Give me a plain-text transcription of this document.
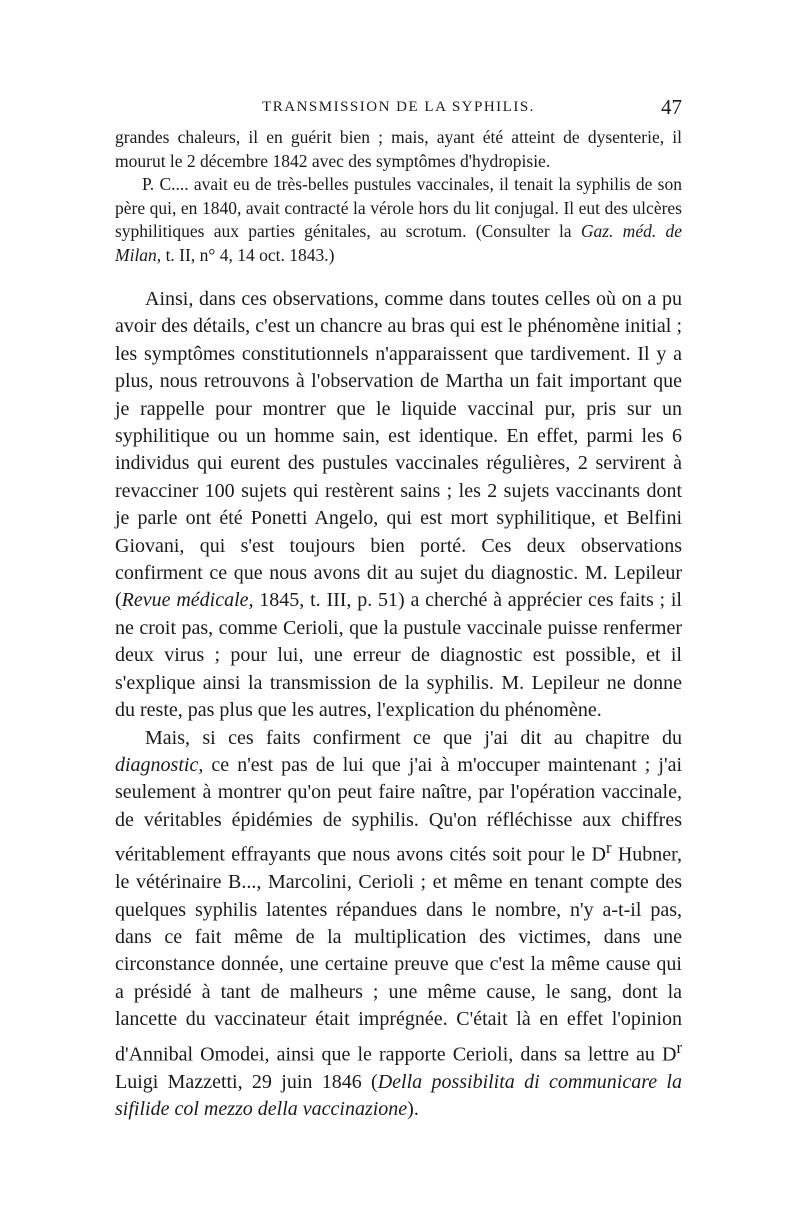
TRANSMISSION DE LA SYPHILIS.	47

grandes chaleurs, il en guérit bien ; mais, ayant été atteint de dysenterie, il mourut le 2 décembre 1842 avec des symptômes d'hydropisie.

P. C.... avait eu de très-belles pustules vaccinales, il tenait la syphilis de son père qui, en 1840, avait contracté la vérole hors du lit conjugal. Il eut des ulcères syphilitiques aux parties génitales, au scrotum. (Consulter la Gaz. méd. de Milan, t. II, n° 4, 14 oct. 1843.)

Ainsi, dans ces observations, comme dans toutes celles où on a pu avoir des détails, c'est un chancre au bras qui est le phénomène initial ; les symptômes constitutionnels n'apparaissent que tardivement. Il y a plus, nous retrouvons à l'observation de Martha un fait important que je rappelle pour montrer que le liquide vaccinal pur, pris sur un syphilitique ou un homme sain, est identique. En effet, parmi les 6 individus qui eurent des pustules vaccinales régulières, 2 servirent à revacciner 100 sujets qui restèrent sains ; les 2 sujets vaccinants dont je parle ont été Ponetti Angelo, qui est mort syphilitique, et Belfini Giovani, qui s'est toujours bien porté. Ces deux observations confirment ce que nous avons dit au sujet du diagnostic. M. Lepileur (Revue médicale, 1845, t. III, p. 51) a cherché à apprécier ces faits ; il ne croit pas, comme Cerioli, que la pustule vaccinale puisse renfermer deux virus ; pour lui, une erreur de diagnostic est possible, et il s'explique ainsi la transmission de la syphilis. M. Lepileur ne donne du reste, pas plus que les autres, l'explication du phénomène.

Mais, si ces faits confirment ce que j'ai dit au chapitre du diagnostic, ce n'est pas de lui que j'ai à m'occuper maintenant ; j'ai seulement à montrer qu'on peut faire naître, par l'opération vaccinale, de véritables épidémies de syphilis. Qu'on réfléchisse aux chiffres véritablement effrayants que nous avons cités soit pour le $D^r$ Hubner, le vétérinaire B..., Marcolini, Cerioli ; et même en tenant compte des quelques syphilis latentes répandues dans le nombre, n'y a-t-il pas, dans ce fait même de la multiplication des victimes, dans une circonstance donnée, une certaine preuve que c'est la même cause qui a présidé à tant de malheurs ; une même cause, le sang, dont la lancette du vaccinateur était imprégnée. C'était là en effet l'opinion d'Annibal Omodei, ainsi que le rapporte Cerioli, dans sa lettre au $D^r$ Luigi Mazzetti, 29 juin 1846 (Della possibilita di communicare la sifilide col mezzo della vaccinazione).
